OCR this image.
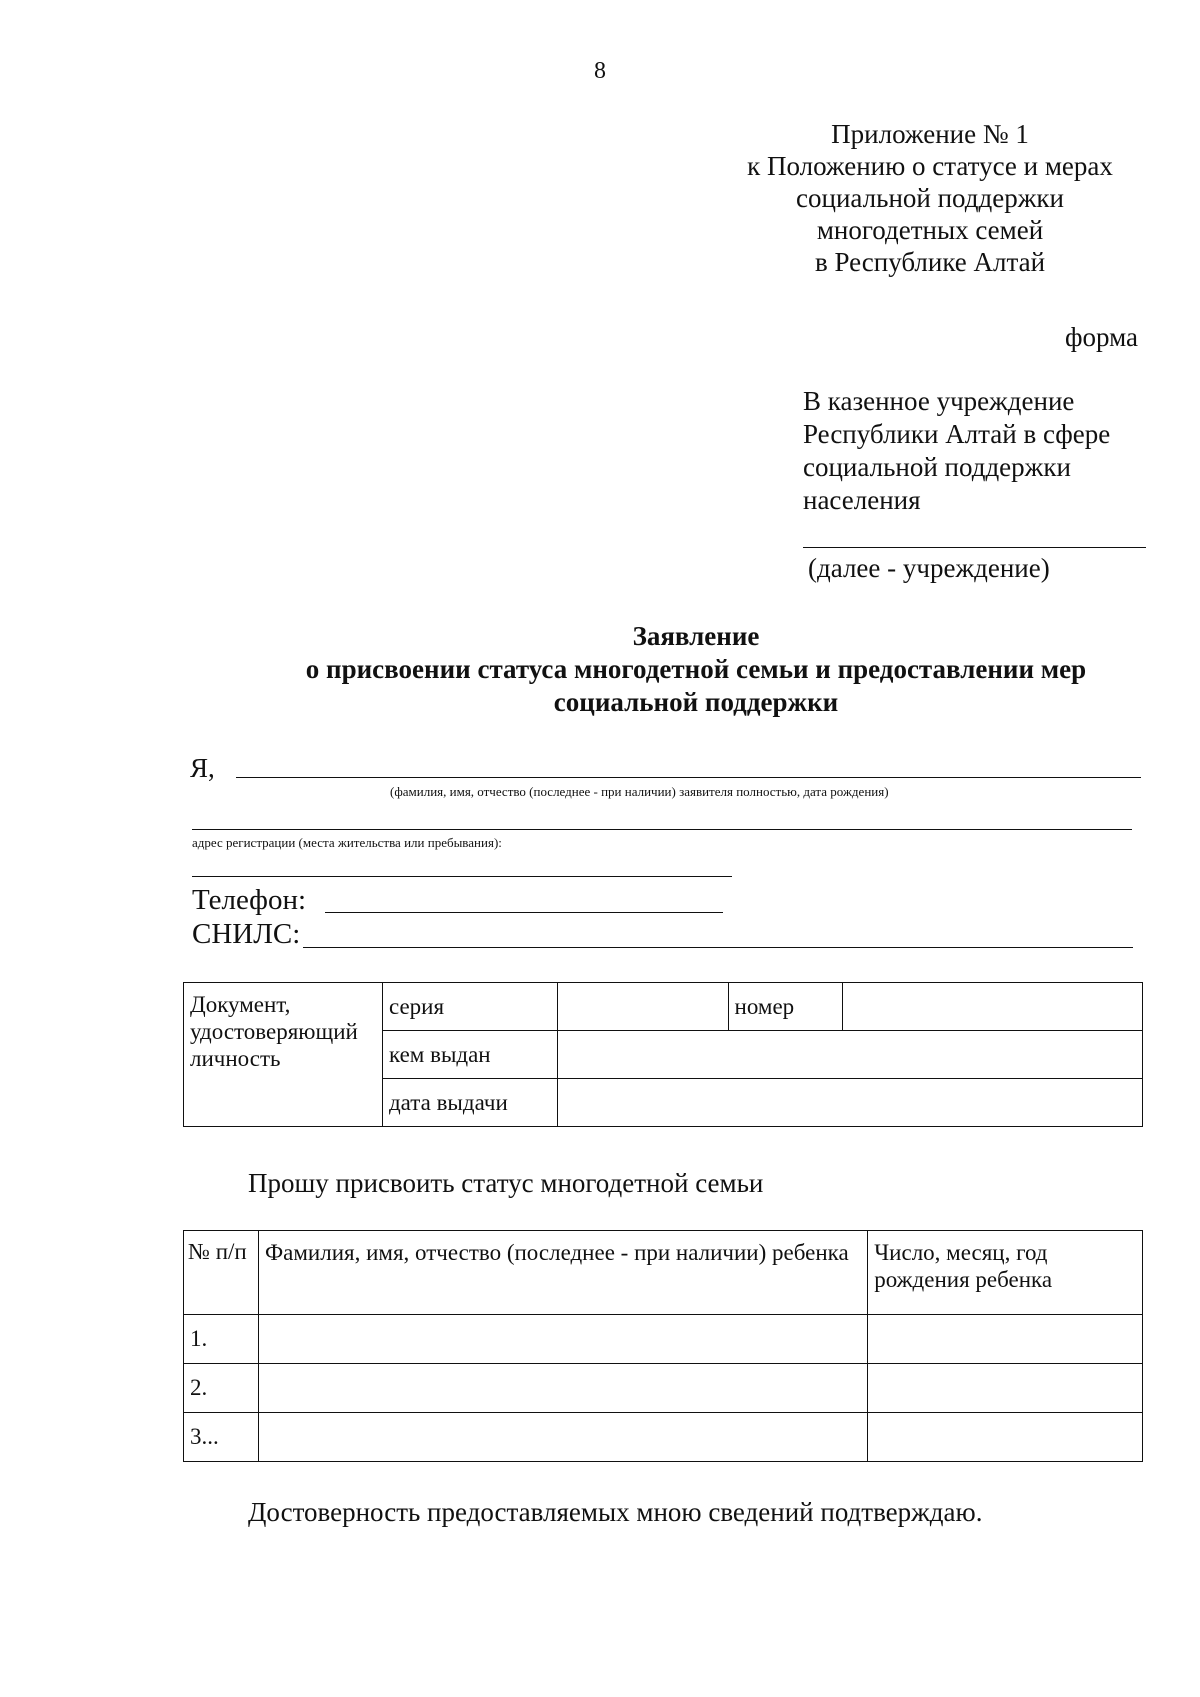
8
Приложение № 1
к Положению о статусе и мерах
социальной поддержки
многодетных семей
в Республике Алтай
форма
В казенное учреждение
Республики Алтай в сфере
социальной поддержки
населения
(далее - учреждение)
Заявление
о присвоении статуса многодетной семьи и предоставлении мер
социальной поддержки
Я,
(фамилия, имя, отчество (последнее - при наличии) заявителя полностью, дата рождения)
адрес регистрации (места жительства или пребывания):
Телефон:
СНИЛС:
Документ, удостоверяющий личность	серия		номер	
	кем выдан			
	дата выдачи			
Прошу присвоить статус многодетной семьи
№ п/п	Фамилия, имя, отчество (последнее - при наличии) ребенка	Число, месяц, год рождения ребенка
1.		
2.		
3...		
Достоверность предоставляемых мною сведений подтверждаю.
